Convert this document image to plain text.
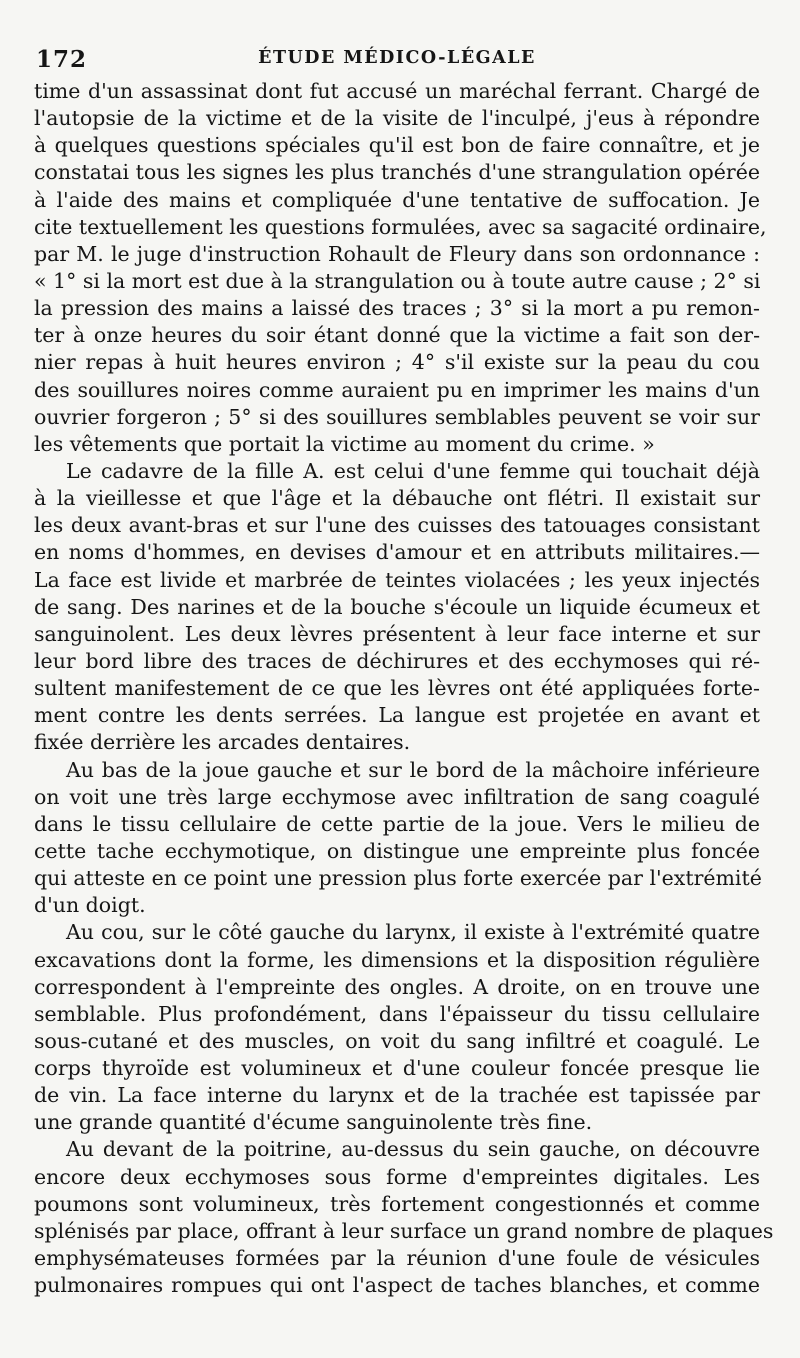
172	ÉTUDE MÉDICO-LÉGALE
time d'un assassinat dont fut accusé un maréchal ferrant. Chargé de
l'autopsie de la victime et de la visite de l'inculpé, j'eus à répondre
à quelques questions spéciales qu'il est bon de faire connaître, et je
constatai tous les signes les plus tranchés d'une strangulation opérée
à l'aide des mains et compliquée d'une tentative de suffocation. Je
cite textuellement les questions formulées, avec sa sagacité ordinaire,
par M. le juge d'instruction Rohault de Fleury dans son ordonnance :
« 1° si la mort est due à la strangulation ou à toute autre cause ; 2° si
la pression des mains a laissé des traces ; 3° si la mort a pu remon-
ter à onze heures du soir étant donné que la victime a fait son der-
nier repas à huit heures environ ; 4° s'il existe sur la peau du cou
des souillures noires comme auraient pu en imprimer les mains d'un
ouvrier forgeron ; 5° si des souillures semblables peuvent se voir sur
les vêtements que portait la victime au moment du crime. »
Le cadavre de la fille A. est celui d'une femme qui touchait déjà
à la vieillesse et que l'âge et la débauche ont flétri. Il existait sur
les deux avant-bras et sur l'une des cuisses des tatouages consistant
en noms d'hommes, en devises d'amour et en attributs militaires.—
La face est livide et marbrée de teintes violacées ; les yeux injectés
de sang. Des narines et de la bouche s'écoule un liquide écumeux et
sanguinolent. Les deux lèvres présentent à leur face interne et sur
leur bord libre des traces de déchirures et des ecchymoses qui ré-
sultent manifestement de ce que les lèvres ont été appliquées forte-
ment contre les dents serrées. La langue est projetée en avant et
fixée derrière les arcades dentaires.
Au bas de la joue gauche et sur le bord de la mâchoire inférieure
on voit une très large ecchymose avec infiltration de sang coagulé
dans le tissu cellulaire de cette partie de la joue. Vers le milieu de
cette tache ecchymotique, on distingue une empreinte plus foncée
qui atteste en ce point une pression plus forte exercée par l'extrémité
d'un doigt.
Au cou, sur le côté gauche du larynx, il existe à l'extrémité quatre
excavations dont la forme, les dimensions et la disposition régulière
correspondent à l'empreinte des ongles. A droite, on en trouve une
semblable. Plus profondément, dans l'épaisseur du tissu cellulaire
sous-cutané et des muscles, on voit du sang infiltré et coagulé. Le
corps thyroïde est volumineux et d'une couleur foncée presque lie
de vin. La face interne du larynx et de la trachée est tapissée par
une grande quantité d'écume sanguinolente très fine.
Au devant de la poitrine, au-dessus du sein gauche, on découvre
encore deux ecchymoses sous forme d'empreintes digitales. Les
poumons sont volumineux, très fortement congestionnés et comme
splénisés par place, offrant à leur surface un grand nombre de plaques
emphysémateuses formées par la réunion d'une foule de vésicules
pulmonaires rompues qui ont l'aspect de taches blanches, et comme
